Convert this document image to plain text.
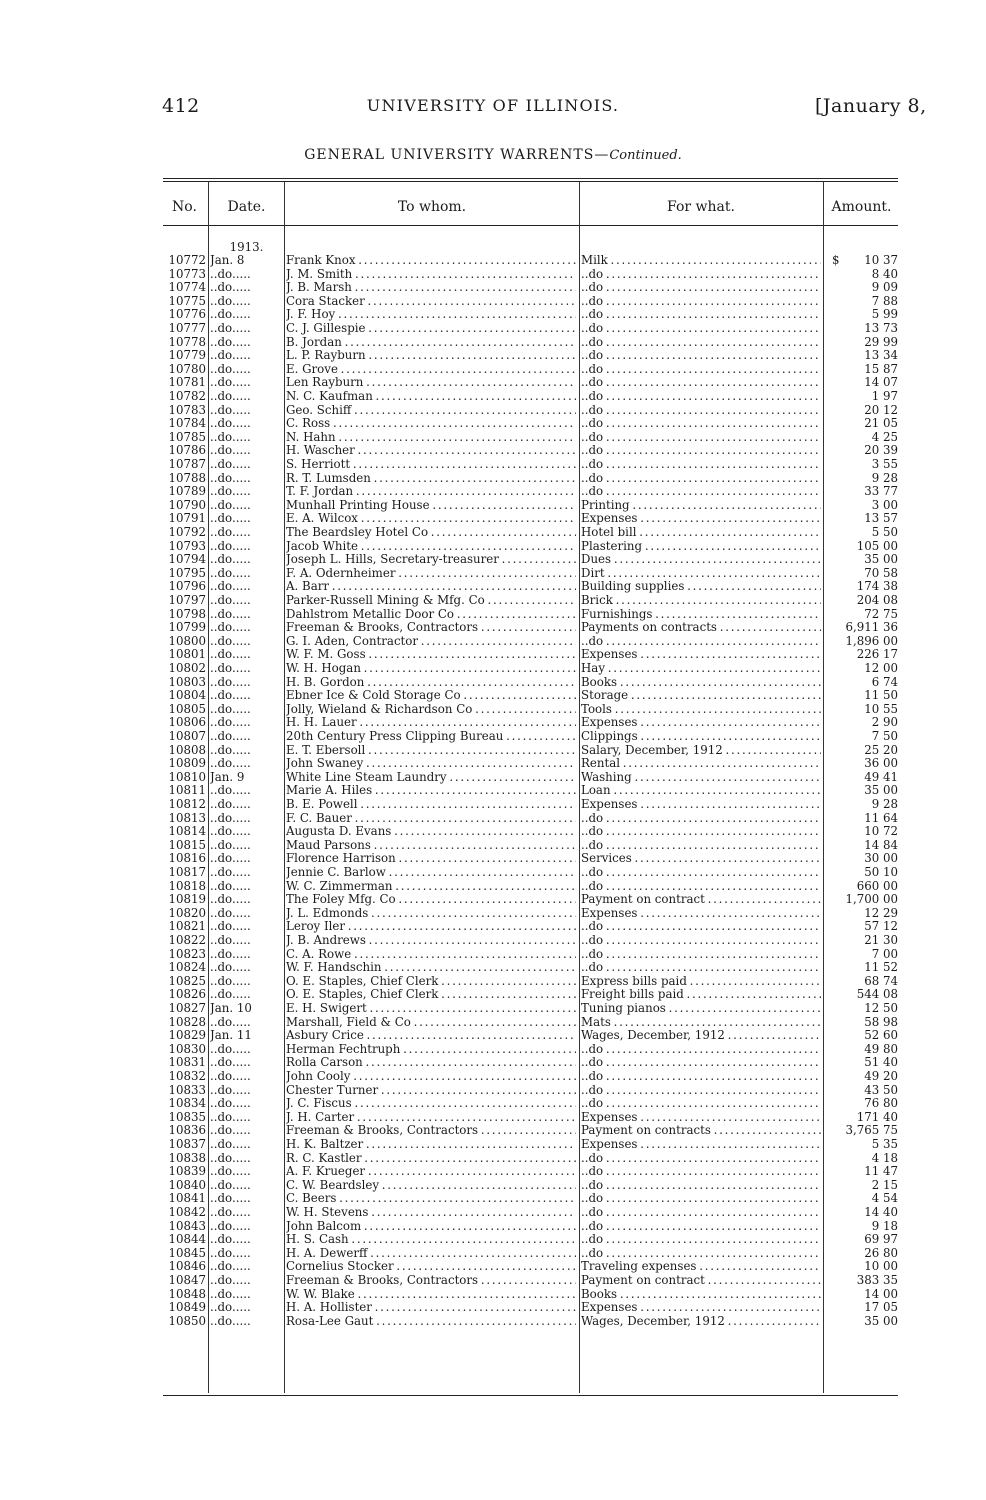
412	UNIVERSITY OF ILLINOIS.	[January 8,
GENERAL UNIVERSITY WARRENTS—Continued.
No.	Date.	To whom.	For what.	Amount.
1913.
10772 Jan. 8	Frank Knox . . .	Milk . . .	10 37
$
10773 ..do.....	J. M. Smith . . .	..do . . .	8 40
10774 ..do.....	J. B. Marsh . . .	..do . . .	9 09
10775 ..do.....	Cora Stacker . . .	..do . . .	7 88
10776 ..do.....	J. F. Hoy . . .	..do . . .	5 99
10777 ..do.....	C. J. Gillespie . . .	..do . . .	13 73
10778 ..do.....	B. Jordan . . .	..do . . .	29 99
10779 ..do.....	L. P. Rayburn . . .	..do . . .	13 34
10780 ..do.....	E. Grove . . .	..do . . .	15 87
10781 ..do.....	Len Rayburn . . .	..do . . .	14 07
10782 ..do.....	N. C. Kaufman . . .	..do . . .	1 97
10783 ..do.....	Geo. Schiff . . .	..do . . .	20 12
10784 ..do.....	C. Ross . . .	..do . . .	21 05
10785 ..do.....	N. Hahn . . .	..do . . .	4 25
10786 ..do.....	H. Wascher . . .	..do . . .	20 39
10787 ..do.....	S. Herriott . . .	..do . . .	3 55
10788 ..do.....	R. T. Lumsden . . .	..do . . .	9 28
10789 ..do.....	T. F. Jordan . . .	..do . . .	33 77
10790 ..do.....	Munhall Printing House . . .	Printing . . .	3 00
10791 ..do.....	E. A. Wilcox . . .	Expenses . . .	13 57
10792 ..do.....	The Beardsley Hotel Co . . .	Hotel bill . . .	5 50
10793 ..do.....	Jacob White . . .	Plastering . . .	105 00
10794 ..do.....	Joseph L. Hills, Secretary-treasurer . . .	Dues . . .	35 00
10795 ..do.....	F. A. Odernheimer . . .	Dirt . . .	70 58
10796 ..do.....	A. Barr . . .	Building supplies . . .	174 38
10797 ..do.....	Parker-Russell Mining & Mfg. Co . . .	Brick . . .	204 08
10798 ..do.....	Dahlstrom Metallic Door Co . . .	Furnishings . . .	72 75
10799 ..do.....	Freeman & Brooks, Contractors . . .	Payments on contracts . . .	6,911 36
10800 ..do.....	G. I. Aden, Contractor . . .	..do . . .	1,896 00
10801 ..do.....	W. F. M. Goss . . .	Expenses . . .	226 17
10802 ..do.....	W. H. Hogan . . .	Hay . . .	12 00
10803 ..do.....	H. B. Gordon . . .	Books . . .	6 74
10804 ..do.....	Ebner Ice & Cold Storage Co . . .	Storage . . .	11 50
10805 ..do.....	Jolly, Wieland & Richardson Co . . .	Tools . . .	10 55
10806 ..do.....	H. H. Lauer . . .	Expenses . . .	2 90
10807 ..do.....	20th Century Press Clipping Bureau . . .	Clippings . . .	7 50
10808 ..do.....	E. T. Ebersoll . . .	Salary, December, 1912 . . .	25 20
10809 ..do.....	John Swaney . . .	Rental . . .	36 00
10810 Jan. 9	White Line Steam Laundry . . .	Washing . . .	49 41
10811 ..do.....	Marie A. Hiles . . .	Loan . . .	35 00
10812 ..do.....	B. E. Powell . . .	Expenses . . .	9 28
10813 ..do.....	F. C. Bauer . . .	..do . . .	11 64
10814 ..do.....	Augusta D. Evans . . .	..do . . .	10 72
10815 ..do.....	Maud Parsons . . .	..do . . .	14 84
10816 ..do.....	Florence Harrison . . .	Services . . .	30 00
10817 ..do.....	Jennie C. Barlow . . .	..do . . .	50 10
10818 ..do.....	W. C. Zimmerman . . .	..do . . .	660 00
10819 ..do.....	The Foley Mfg. Co . . .	Payment on contract . . .	1,700 00
10820 ..do.....	J. L. Edmonds . . .	Expenses . . .	12 29
10821 ..do.....	Leroy Iler . . .	..do . . .	57 12
10822 ..do.....	J. B. Andrews . . .	..do . . .	21 30
10823 ..do.....	C. A. Rowe . . .	..do . . .	7 00
10824 ..do.....	W. F. Handschin . . .	..do . . .	11 52
10825 ..do.....	O. E. Staples, Chief Clerk . . .	Express bills paid . . .	68 74
10826 ..do.....	O. E. Staples, Chief Clerk . . .	Freight bills paid . . .	544 08
10827 Jan. 10	E. H. Swigert . . .	Tuning pianos . . .	12 50
10828 ..do.....	Marshall, Field & Co . . .	Mats . . .	58 98
10829 Jan. 11	Asbury Crice . . .	Wages, December, 1912 . . .	52 60
10830 ..do.....	Herman Fechtruph . . .	..do . . .	49 80
10831 ..do.....	Rolla Carson . . .	..do . . .	51 40
10832 ..do.....	John Cooly . . .	..do . . .	49 20
10833 ..do.....	Chester Turner . . .	..do . . .	43 50
10834 ..do.....	J. C. Fiscus . . .	..do . . .	76 80
10835 ..do.....	J. H. Carter . . .	Expenses . . .	171 40
10836 ..do.....	Freeman & Brooks, Contractors . . .	Payment on contracts . . .	3,765 75
10837 ..do.....	H. K. Baltzer . . .	Expenses . . .	5 35
10838 ..do.....	R. C. Kastler . . .	..do . . .	4 18
10839 ..do.....	A. F. Krueger . . .	..do . . .	11 47
10840 ..do.....	C. W. Beardsley . . .	..do . . .	2 15
10841 ..do.....	C. Beers . . .	..do . . .	4 54
10842 ..do.....	W. H. Stevens . . .	..do . . .	14 40
10843 ..do.....	John Balcom . . .	..do . . .	9 18
10844 ..do.....	H. S. Cash . . .	..do . . .	69 97
10845 ..do.....	H. A. Dewerff . . .	..do . . .	26 80
10846 ..do.....	Cornelius Stocker . . .	Traveling expenses . . .	10 00
10847 ..do.....	Freeman & Brooks, Contractors . . .	Payment on contract . . .	383 35
10848 ..do.....	W. W. Blake . . .	Books . . .	14 00
10849 ..do.....	H. A. Hollister . . .	Expenses . . .	17 05
10850 ..do.....	Rosa-Lee Gaut . . .	Wages, December, 1912 . . .	35 00
